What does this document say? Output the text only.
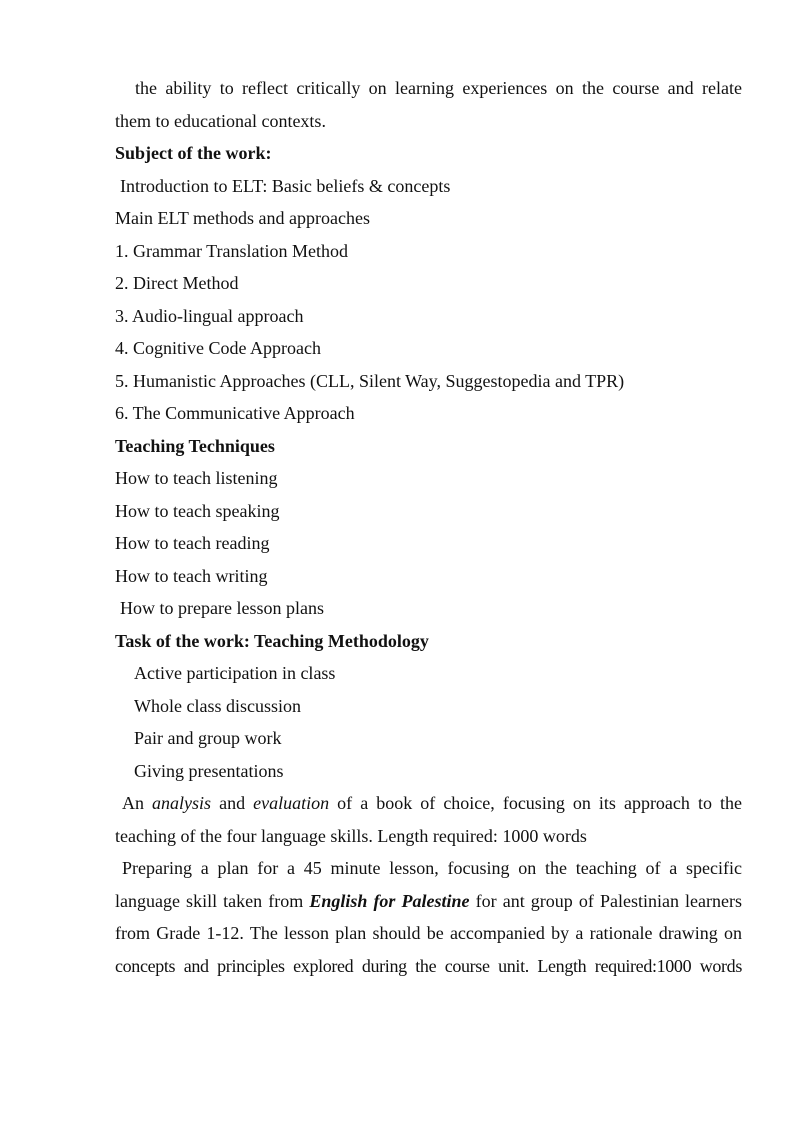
the ability to reflect critically on learning experiences on the course and relate
them to educational contexts.
Subject of the work:
Introduction to ELT: Basic beliefs & concepts
Main ELT methods and approaches
1. Grammar Translation Method
2. Direct Method
3. Audio-lingual approach
4. Cognitive Code Approach
5. Humanistic Approaches (CLL, Silent Way, Suggestopedia and TPR)
6. The Communicative Approach
Teaching Techniques
How to teach listening
How to teach speaking
How to teach reading
How to teach writing
How to prepare lesson plans
Task of the work: Teaching Methodology
Active participation in class
Whole class discussion
Pair and group work
Giving presentations
An analysis and evaluation of a book of choice, focusing on its approach to the
teaching of the four language skills. Length required: 1000 words
Preparing a plan for a 45 minute lesson, focusing on the teaching of a specific
language skill taken from English for Palestine for ant group of Palestinian learners
from Grade 1-12. The lesson plan should be accompanied by a rationale drawing on
concepts and principles explored during the course unit. Length required:1000 words
